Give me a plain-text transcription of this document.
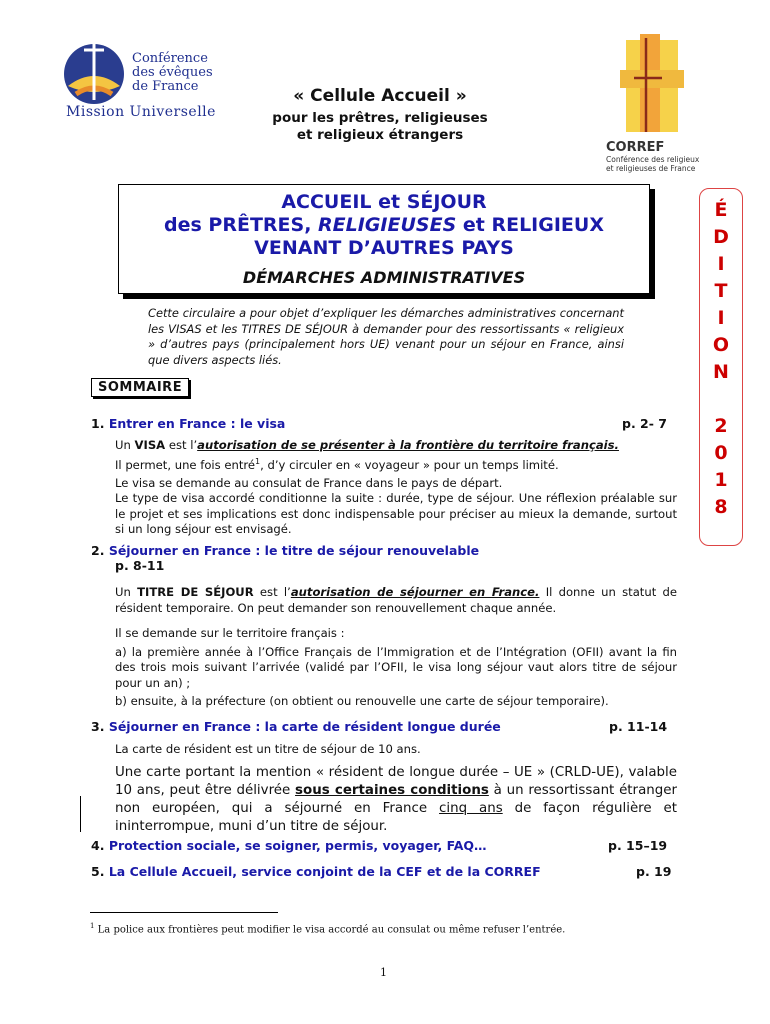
Conférence
des évêques
de France
Mission Universelle
« Cellule Accueil »
pour les prêtres, religieuses
et religieux étrangers
CORREF
Conférence des religieux
et religieuses de France
ACCUEIL et SÉJOUR
des PRÊTRES, RELIGIEUSES et RELIGIEUX
VENANT D’AUTRES PAYS
DÉMARCHES ADMINISTRATIVES
É
D
I
T
I
O
N
2
0
1
8
Cette circulaire a pour objet d’expliquer les démarches administratives concernant les VISAS et les TITRES DE SÉJOUR à demander pour des ressortissants « religieux » d’autres pays (principalement hors UE) venant pour un séjour en France, ainsi que divers aspects liés.
SOMMAIRE
1. Entrer en France : le visa	p. 2- 7
Un VISA est l’autorisation de se présenter à la frontière du territoire français.
Il permet, une fois entré$^1$, d’y circuler en « voyageur » pour un temps limité.
Le visa se demande au consulat de France dans le pays de départ.
Le type de visa accordé conditionne la suite : durée, type de séjour. Une réflexion préalable sur le projet et ses implications est donc indispensable pour préciser au mieux la demande, surtout si un long séjour est envisagé.
2. Séjourner en France : le titre de séjour renouvelable
p. 8-11
Un TITRE DE SÉJOUR est l’autorisation de séjourner en France. Il donne un statut de résident temporaire. On peut demander son renouvellement chaque année.
Il se demande sur le territoire français :
a) la première année à l’Office Français de l’Immigration et de l’Intégration (OFII) avant la fin des trois mois suivant l’arrivée (validé par l’OFII, le visa long séjour vaut alors titre de séjour pour un an) ;
b) ensuite, à la préfecture (on obtient ou renouvelle une carte de séjour temporaire).
3. Séjourner en France : la carte de résident longue durée	p. 11-14
La carte de résident est un titre de séjour de 10 ans.
Une carte portant la mention « résident de longue durée – UE » (CRLD-UE), valable 10 ans, peut être délivrée sous certaines conditions à un ressortissant étranger non européen, qui a séjourné en France cinq ans de façon régulière et ininterrompue, muni d’un titre de séjour.
4. Protection sociale, se soigner, permis, voyager, FAQ…	p. 15–19
5. La Cellule Accueil, service conjoint de la CEF et de la CORREF	p. 19
$^1$ La police aux frontières peut modifier le visa accordé au consulat ou même refuser l’entrée.
1
